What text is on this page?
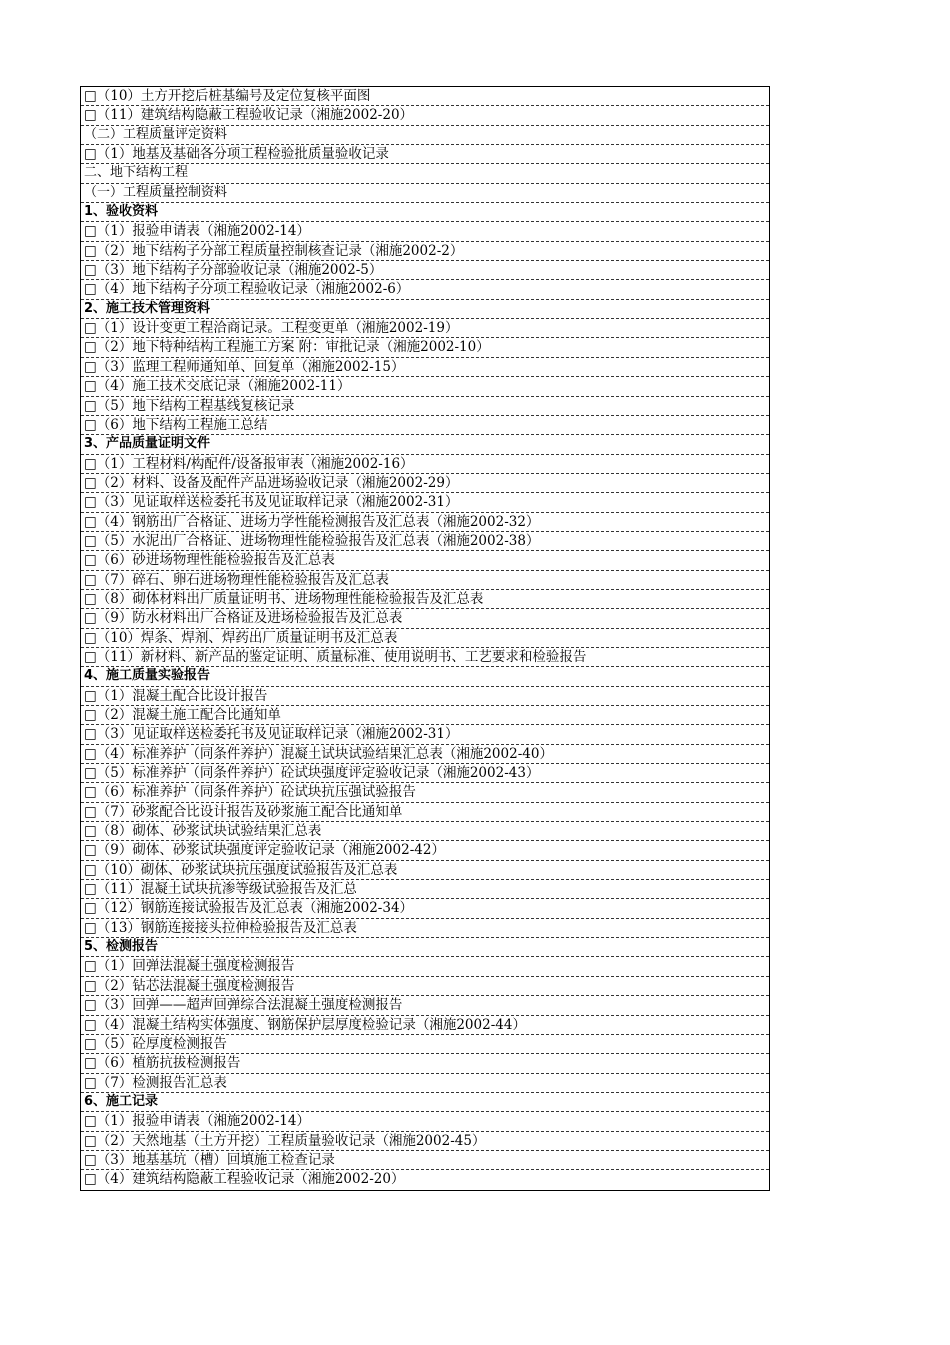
□（10）土方开挖后桩基编号及定位复核平面图
□（11）建筑结构隐蔽工程验收记录（湘施2002-20）
（二）工程质量评定资料
□（1）地基及基础各分项工程检验批质量验收记录
二、地下结构工程
（一）工程质量控制资料
1、验收资料
□（1）报验申请表（湘施2002-14）
□（2）地下结构子分部工程质量控制核查记录（湘施2002-2）
□（3）地下结构子分部验收记录（湘施2002-5）
□（4）地下结构子分项工程验收记录（湘施2002-6）
2、施工技术管理资料
□（1）设计变更工程洽商记录。工程变更单（湘施2002-19）
□（2）地下特种结构工程施工方案 附：审批记录（湘施2002-10）
□（3）监理工程师通知单、回复单（湘施2002-15）
□（4）施工技术交底记录（湘施2002-11）
□（5）地下结构工程基线复核记录
□（6）地下结构工程施工总结
3、产品质量证明文件
□（1）工程材料/构配件/设备报审表（湘施2002-16）
□（2）材料、设备及配件产品进场验收记录（湘施2002-29）
□（3）见证取样送检委托书及见证取样记录（湘施2002-31）
□（4）钢筋出厂合格证、进场力学性能检测报告及汇总表（湘施2002-32）
□（5）水泥出厂合格证、进场物理性能检验报告及汇总表（湘施2002-38）
□（6）砂进场物理性能检验报告及汇总表
□（7）碎石、卵石进场物理性能检验报告及汇总表
□（8）砌体材料出厂质量证明书、进场物理性能检验报告及汇总表
□（9）防水材料出厂合格证及进场检验报告及汇总表
□（10）焊条、焊剂、焊药出厂质量证明书及汇总表
□（11）新材料、新产品的鉴定证明、质量标准、使用说明书、工艺要求和检验报告
4、施工质量实验报告
□（1）混凝土配合比设计报告
□（2）混凝土施工配合比通知单
□（3）见证取样送检委托书及见证取样记录（湘施2002-31）
□（4）标准养护（同条件养护）混凝土试块试验结果汇总表（湘施2002-40）
□（5）标准养护（同条件养护）砼试块强度评定验收记录（湘施2002-43）
□（6）标准养护（同条件养护）砼试块抗压强试验报告
□（7）砂浆配合比设计报告及砂浆施工配合比通知单
□（8）砌体、砂浆试块试验结果汇总表
□（9）砌体、砂浆试块强度评定验收记录（湘施2002-42）
□（10）砌体、砂浆试块抗压强度试验报告及汇总表
□（11）混凝土试块抗渗等级试验报告及汇总
□（12）钢筋连接试验报告及汇总表（湘施2002-34）
□（13）钢筋连接接头拉伸检验报告及汇总表
5、检测报告
□（1）回弹法混凝土强度检测报告
□（2）钻芯法混凝土强度检测报告
□（3）回弹——超声回弹综合法混凝土强度检测报告
□（4）混凝土结构实体强度、钢筋保护层厚度检验记录（湘施2002-44）
□（5）砼厚度检测报告
□（6）植筋抗拔检测报告
□（7）检测报告汇总表
6、施工记录
□（1）报验申请表（湘施2002-14）
□（2）天然地基（土方开挖）工程质量验收记录（湘施2002-45）
□（3）地基基坑（槽）回填施工检查记录
□（4）建筑结构隐蔽工程验收记录（湘施2002-20）
